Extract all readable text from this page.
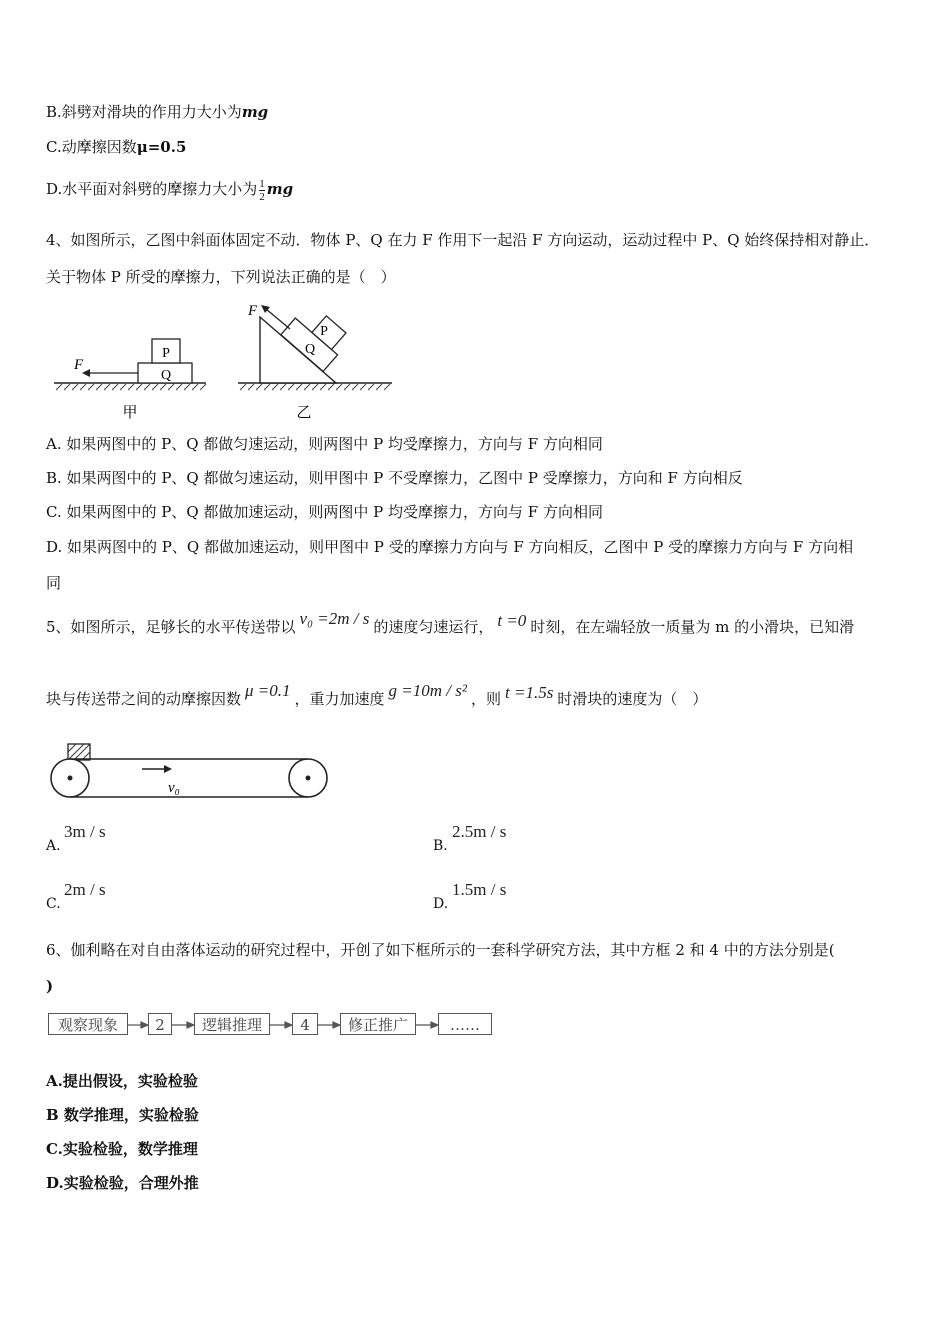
B.斜劈对滑块的作用力大小为mg
C.动摩擦因数μ=0.5
D.水平面对斜劈的摩擦力大小为 $\frac{1}{2}$ mg
4、如图所示，乙图中斜面体固定不动．物体 P、Q 在力 F 作用下一起沿 F 方向运动，运动过程中 P、Q 始终保持相对静止．
关于物体 P 所受的摩擦力，下列说法正确的是（　）
P
Q
F
甲
Q
P
F
乙
A. 如果两图中的 P、Q 都做匀速运动，则两图中 P 均受摩擦力，方向与 F 方向相同
B. 如果两图中的 P、Q 都做匀速运动，则甲图中 P 不受摩擦力，乙图中 P 受摩擦力，方向和 F 方向相反
C. 如果两图中的 P、Q 都做加速运动，则两图中 P 均受摩擦力，方向与 F 方向相同
D. 如果两图中的 P、Q 都做加速运动，则甲图中 P 受的摩擦力方向与 F 方向相反，乙图中 P 受的摩擦力方向与 F 方向相
同
5、如图所示，足够长的水平传送带以 v₀ =2m / s 的速度匀速运行， t =0 时刻，在左端轻放一质量为 m 的小滑块，已知滑
块与传送带之间的动摩擦因数 μ =0.1 ，重力加速度 g =10m / s² ，则 t =1.5s 时滑块的速度为（　）
v₀
A.
3m / s
B.
2.5m / s
C.
2m / s
D.
1.5m / s
6、伽利略在对自由落体运动的研究过程中，开创了如下框所示的一套科学研究方法，其中方框 2 和 4 中的方法分别是(
)
观察现象	2	逻辑推理	4	修正推广	……
A.提出假设，实验检验
B 数学推理，实验检验
C.实验检验，数学推理
D.实验检验，合理外推
